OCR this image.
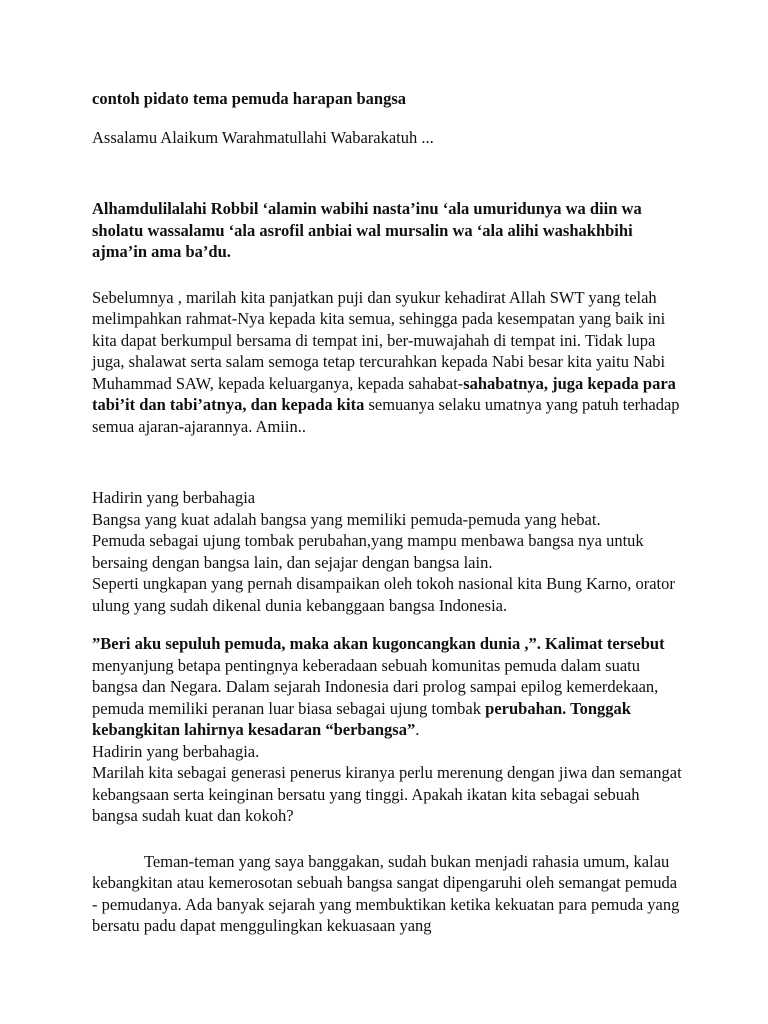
contoh pidato tema pemuda harapan bangsa

Assalamu Alaikum Warahmatullahi Wabarakatuh ...

Alhamdulilalahi Robbil ‘alamin wabihi nasta’inu ‘ala umuridunya wa diin wa sholatu wassalamu ‘ala asrofil anbiai wal mursalin wa ‘ala alihi washakhbihi ajma’in ama ba’du.

Sebelumnya , marilah kita panjatkan puji dan syukur kehadirat Allah SWT yang telah melimpahkan rahmat-Nya kepada kita semua, sehingga pada kesempatan yang baik ini kita dapat berkumpul bersama di tempat ini, ber-muwajahah di tempat ini. Tidak lupa juga, shalawat serta salam semoga tetap tercurahkan kepada Nabi besar kita yaitu Nabi Muhammad SAW, kepada keluarganya, kepada sahabat-sahabatnya, juga kepada para tabi’it dan tabi’atnya, dan kepada kita semuanya selaku umatnya yang patuh terhadap semua ajaran-ajarannya. Amiin..

Hadirin yang berbahagia

Bangsa yang kuat adalah bangsa yang memiliki pemuda-pemuda yang hebat.

Pemuda sebagai ujung tombak perubahan,yang mampu menbawa bangsa nya untuk bersaing dengan bangsa lain, dan sejajar dengan bangsa lain.

Seperti ungkapan yang pernah disampaikan oleh tokoh nasional kita Bung Karno, orator ulung yang sudah dikenal dunia kebanggaan bangsa Indonesia.

”Beri aku sepuluh pemuda, maka akan kugoncangkan dunia ,”. Kalimat tersebut menyanjung betapa pentingnya keberadaan sebuah komunitas pemuda dalam suatu bangsa dan Negara. Dalam sejarah Indonesia dari prolog sampai epilog kemerdekaan, pemuda memiliki peranan luar biasa sebagai ujung tombak perubahan. Tonggak kebangkitan lahirnya kesadaran “berbangsa”.

Hadirin yang berbahagia.

Marilah kita sebagai generasi penerus kiranya perlu merenung dengan jiwa dan semangat kebangsaan serta keinginan bersatu yang tinggi. Apakah ikatan kita sebagai sebuah bangsa sudah kuat dan kokoh?

Teman-teman yang saya banggakan, sudah bukan menjadi rahasia umum, kalau kebangkitan atau kemerosotan sebuah bangsa sangat dipengaruhi oleh semangat pemuda - pemudanya. Ada banyak sejarah yang membuktikan ketika kekuatan para pemuda yang bersatu padu dapat menggulingkan kekuasaan yang
